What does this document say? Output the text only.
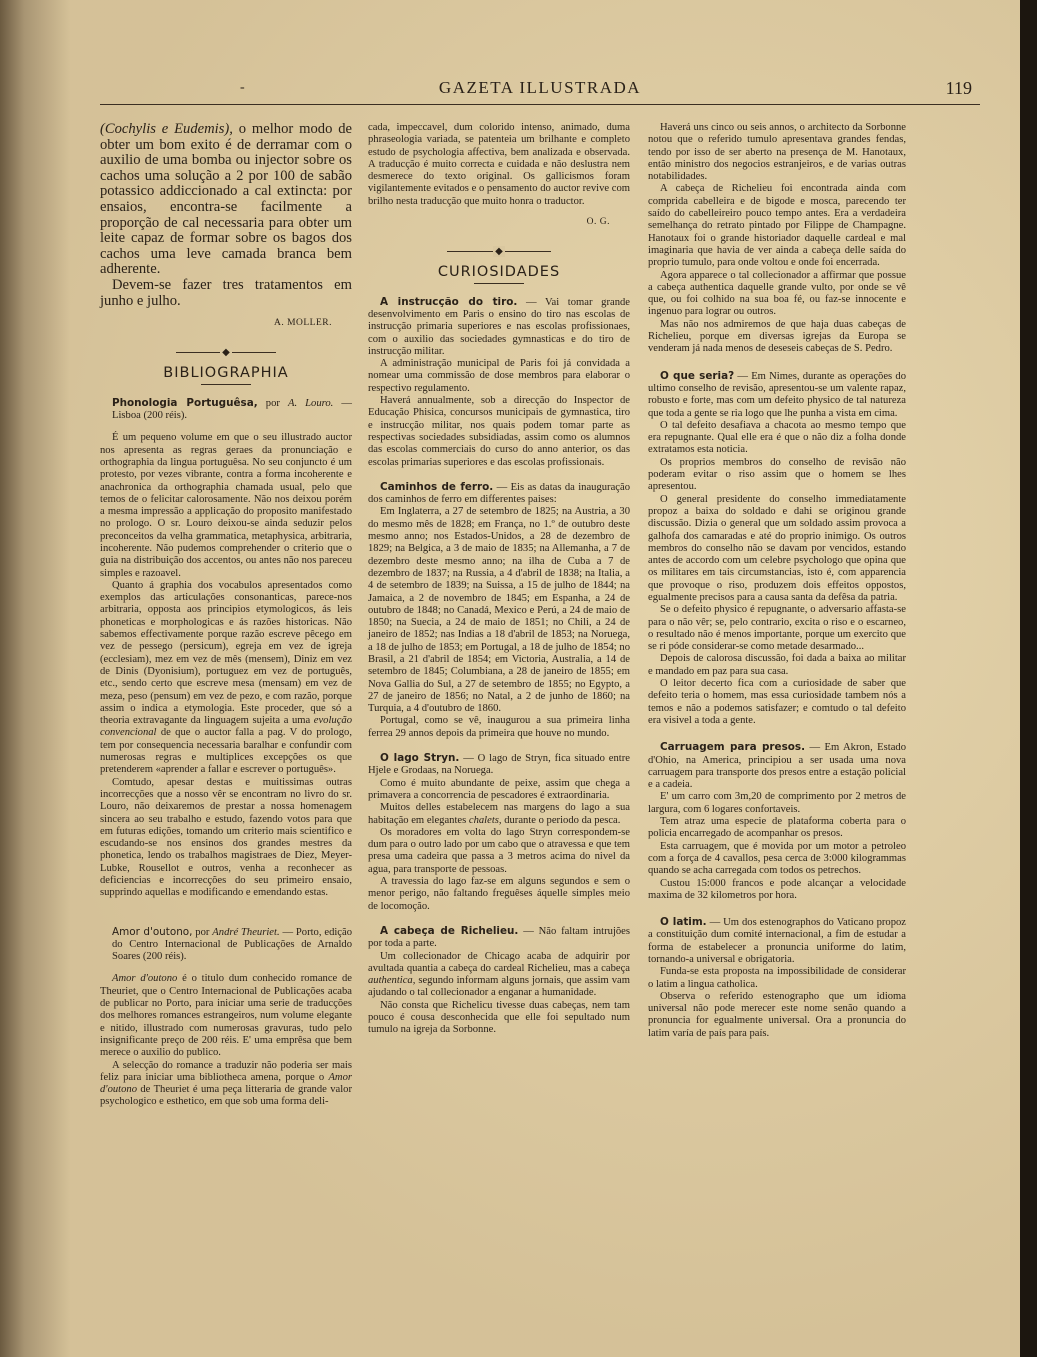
-	GAZETA ILLUSTRADA	119

(Cochylis e Eudemis), o melhor modo de obter um bom exito é de derramar com o auxilio de uma bomba ou injector sobre os cachos uma solução a 2 por 100 de sabão potassico addiccionado a cal extincta: por ensaios, encontra-se facilmente a proporção de cal necessaria para obter um leite capaz de formar sobre os bagos dos cachos uma leve camada branca bem adherente.

Devem-se fazer tres tratamentos em junho e julho.

A. MOLLER.
◆
BIBLIOGRAPHIA

Phonologia Portuguêsa, por A. Louro. — Lisboa (200 réis).

É um pequeno volume em que o seu illustrado auctor nos apresenta as regras geraes da pronunciação e orthographia da lingua portuguêsa. No seu conjuncto é um protesto, por vezes vibrante, contra a forma incoherente e anachronica da orthographia chamada usual, pelo que temos de o felicitar calorosamente. Não nos deixou porém a mesma impressão a applicação do proposito manifestado no prologo. O sr. Louro deixou-se ainda seduzir pelos preconceitos da velha grammatica, metaphysica, arbitraria, incoherente. Não pudemos comprehender o criterio que o guia na distribuição dos accentos, ou antes não nos pareceu simples e razoavel.

Quanto á graphia dos vocabulos apresentados como exemplos das articulações consonanticas, parece-nos arbitraria, opposta aos principios etymologicos, ás leis phoneticas e morphologicas e ás razões historicas. Não sabemos effectivamente porque razão escreve pêcego em vez de pessego (persicum), egreja em vez de igreja (ecclesiam), mez em vez de mês (mensem), Diniz em vez de Dinis (Dyonisium), portuguez em vez de português, etc., sendo certo que escreve mesa (mensam) em vez de meza, peso (pensum) em vez de pezo, e com razão, porque assim o indica a etymologia. Este proceder, que só a theoria extravagante da linguagem sujeita a uma evolução convencional de que o auctor falla a pag. V do prologo, tem por consequencia necessaria baralhar e confundir com numerosas regras e multiplices excepções os que pretenderem «aprender a fallar e escrever o português».

Comtudo, apesar destas e muitissimas outras incorrecções que a nosso vêr se encontram no livro do sr. Louro, não deixaremos de prestar a nossa homenagem sincera ao seu trabalho e estudo, fazendo votos para que em futuras edições, tomando um criterio mais scientifico e escudando-se nos ensinos dos grandes mestres da phonetica, lendo os trabalhos magistraes de Diez, Meyer-Lubke, Rousellot e outros, venha a reconhecer as deficiencias e incorrecções do seu primeiro ensaio, supprindo aquellas e modificando e emendando estas.

Amor d'outono, por André Theuriet. — Porto, edição do Centro Internacional de Publicações de Arnaldo Soares (200 réis).

Amor d'outono é o titulo dum conhecido romance de Theuriet, que o Centro Internacional de Publicações acaba de publicar no Porto, para iniciar uma serie de traducções dos melhores romances estrangeiros, num volume elegante e nitido, illustrado com numerosas gravuras, tudo pelo insignificante preço de 200 réis. E' uma emprêsa que bem merece o auxilio do publico.

A selecção do romance a traduzir não poderia ser mais feliz para iniciar uma bibliotheca amena, porque o Amor d'outono de Theuriet é uma peça litteraria de grande valor psychologico e esthetico, em que sob uma forma deli-

cada, impeccavel, dum colorido intenso, animado, duma phraseologia variada, se patenteia um brilhante e completo estudo de psychologia affectiva, bem analizada e observada. A traducção é muito correcta e cuidada e não deslustra nem desmerece do texto original. Os gallicismos foram vigilantemente evitados e o pensamento do auctor revive com brilho nesta traducção que muito honra o traductor.

O. G.
◆
CURIOSIDADES

A instrucção do tiro. — Vai tomar grande desenvolvimento em Paris o ensino do tiro nas escolas de instrucção primaria superiores e nas escolas profissionaes, com o auxilio das sociedades gymnasticas e do tiro de instrucção militar.

A administração municipal de Paris foi já convidada a nomear uma commissão de dose membros para elaborar o respectivo regulamento.

Haverá annualmente, sob a direcção do Inspector de Educação Phisica, concursos municipais de gymnastica, tiro e instrucção militar, nos quais podem tomar parte as respectivas sociedades subsidiadas, assim como os alumnos das escolas commerciais do curso do anno anterior, os das escolas primarias superiores e das escolas profissionais.

Caminhos de ferro. — Eis as datas da inauguração dos caminhos de ferro em differentes paises:

Em Inglaterra, a 27 de setembro de 1825; na Austria, a 30 do mesmo mês de 1828; em França, no 1.º de outubro deste mesmo anno; nos Estados-Unidos, a 28 de dezembro de 1829; na Belgica, a 3 de maio de 1835; na Allemanha, a 7 de dezembro deste mesmo anno; na ilha de Cuba a 7 de dezembro de 1837; na Russia, a 4 d'abril de 1838; na Italia, a 4 de setembro de 1839; na Suissa, a 15 de julho de 1844; na Jamaica, a 2 de novembro de 1845; em Espanha, a 24 de outubro de 1848; no Canadá, Mexico e Perú, a 24 de maio de 1850; na Suecia, a 24 de maio de 1851; no Chili, a 24 de janeiro de 1852; nas Indias a 18 d'abril de 1853; na Noruega, a 18 de julho de 1853; em Portugal, a 18 de julho de 1854; no Brasil, a 21 d'abril de 1854; em Victoria, Australia, a 14 de setembro de 1845; Columbiana, a 28 de janeiro de 1855; em Nova Gallia do Sul, a 27 de setembro de 1855; no Egypto, a 27 de janeiro de 1856; no Natal, a 2 de junho de 1860; na Turquia, a 4 d'outubro de 1860.

Portugal, como se vê, inaugurou a sua primeira linha ferrea 29 annos depois da primeira que houve no mundo.

O lago Stryn. — O lago de Stryn, fica situado entre Hjele e Grodaas, na Noruega.

Como é muito abundante de peixe, assim que chega a primavera a concorrencia de pescadores é extraordinaria.

Muitos delles estabelecem nas margens do lago a sua habitação em elegantes chalets, durante o periodo da pesca.

Os moradores em volta do lago Stryn correspondem-se dum para o outro lado por um cabo que o atravessa e que tem presa uma cadeira que passa a 3 metros acima do nivel da agua, para transporte de pessoas.

A travessia do lago faz-se em alguns segundos e sem o menor perigo, não faltando freguêses áquelle simples meio de locomoção.

A cabeça de Richelieu. — Não faltam intrujões por toda a parte.

Um collecionador de Chicago acaba de adquirir por avultada quantia a cabeça do cardeal Richelieu, mas a cabeça authentica, segundo informam alguns jornais, que assim vam ajudando o tal collecionador a enganar a humanidade.

Não consta que Richelicu tivesse duas cabeças, nem tam pouco é cousa desconhecida que elle foi sepultado num tumulo na igreja da Sorbonne.

Haverá uns cinco ou seis annos, o architecto da Sorbonne notou que o referido tumulo apresentava grandes fendas, tendo por isso de ser aberto na presença de M. Hanotaux, então ministro dos negocios estranjeiros, e de varias outras notabilidades.

A cabeça de Richelieu foi encontrada ainda com comprida cabelleira e de bigode e mosca, parecendo ter saído do cabelleireiro pouco tempo antes. Era a verdadeira semelhança do retrato pintado por Filippe de Champagne. Hanotaux foi o grande historiador daquelle cardeal e mal imaginaria que havia de ver ainda a cabeça delle saída do proprio tumulo, para onde voltou e onde foi encerrada.

Agora apparece o tal collecionador a affirmar que possue a cabeça authentica daquelle grande vulto, por onde se vê que, ou foi colhido na sua boa fé, ou faz-se innocente e ingenuo para lograr ou outros.

Mas não nos admiremos de que haja duas cabeças de Richelieu, porque em diversas igrejas da Europa se venderam já nada menos de deseseis cabeças de S. Pedro.

O que seria? — Em Nimes, durante as operações do ultimo conselho de revisão, apresentou-se um valente rapaz, robusto e forte, mas com um defeito physico de tal natureza que toda a gente se ria logo que lhe punha a vista em cima.

O tal defeito desafiava a chacota ao mesmo tempo que era repugnante. Qual elle era é que o não diz a folha donde extratamos esta noticia.

Os proprios membros do conselho de revisão não poderam evitar o riso assim que o homem se lhes apresentou.

O general presidente do conselho immediatamente propoz a baixa do soldado e dahi se originou grande discussão. Dizia o general que um soldado assim provoca a galhofa dos camaradas e até do proprio inimigo. Os outros membros do conselho não se davam por vencidos, estando antes de accordo com um celebre psychologo que opina que os militares em tais circumstancias, isto é, com apparencia que provoque o riso, produzem dois effeitos oppostos, egualmente precisos para a causa santa da defêsa da patria.

Se o defeito physico é repugnante, o adversario affasta-se para o não vêr; se, pelo contrario, excita o riso e o escarneo, o resultado não é menos importante, porque um exercito que se ri póde considerar-se como metade desarmado...

Depois de calorosa discussão, foi dada a baixa ao militar e mandado em paz para sua casa.

O leitor decerto fica com a curiosidade de saber que defeito teria o homem, mas essa curiosidade tambem nós a temos e não a podemos satisfazer; e comtudo o tal defeito era visivel a toda a gente.

Carruagem para presos. — Em Akron, Estado d'Ohio, na America, principiou a ser usada uma nova carruagem para transporte dos presos entre a estação policial e a cadeia.

E' um carro com 3m,20 de comprimento por 2 metros de largura, com 6 logares confortaveis.

Tem atraz uma especie de plataforma coberta para o policia encarregado de acompanhar os presos.

Esta carruagem, que é movida por um motor a petroleo com a força de 4 cavallos, pesa cerca de 3:000 kilogrammas quando se acha carregada com todos os petrechos.

Custou 15:000 francos e pode alcançar a velocidade maxima de 32 kilometros por hora.

O latim. — Um dos estenographos do Vaticano propoz a constituição dum comité internacional, a fim de estudar a forma de estabelecer a pronuncia uniforme do latim, tornando-a universal e obrigatoria.

Funda-se esta proposta na impossibilidade de considerar o latim a lingua catholica.

Observa o referido estenographo que um idioma universal não pode merecer este nome senão quando a pronuncia for egualmente universal. Ora a pronuncia do latim varía de país para país.
